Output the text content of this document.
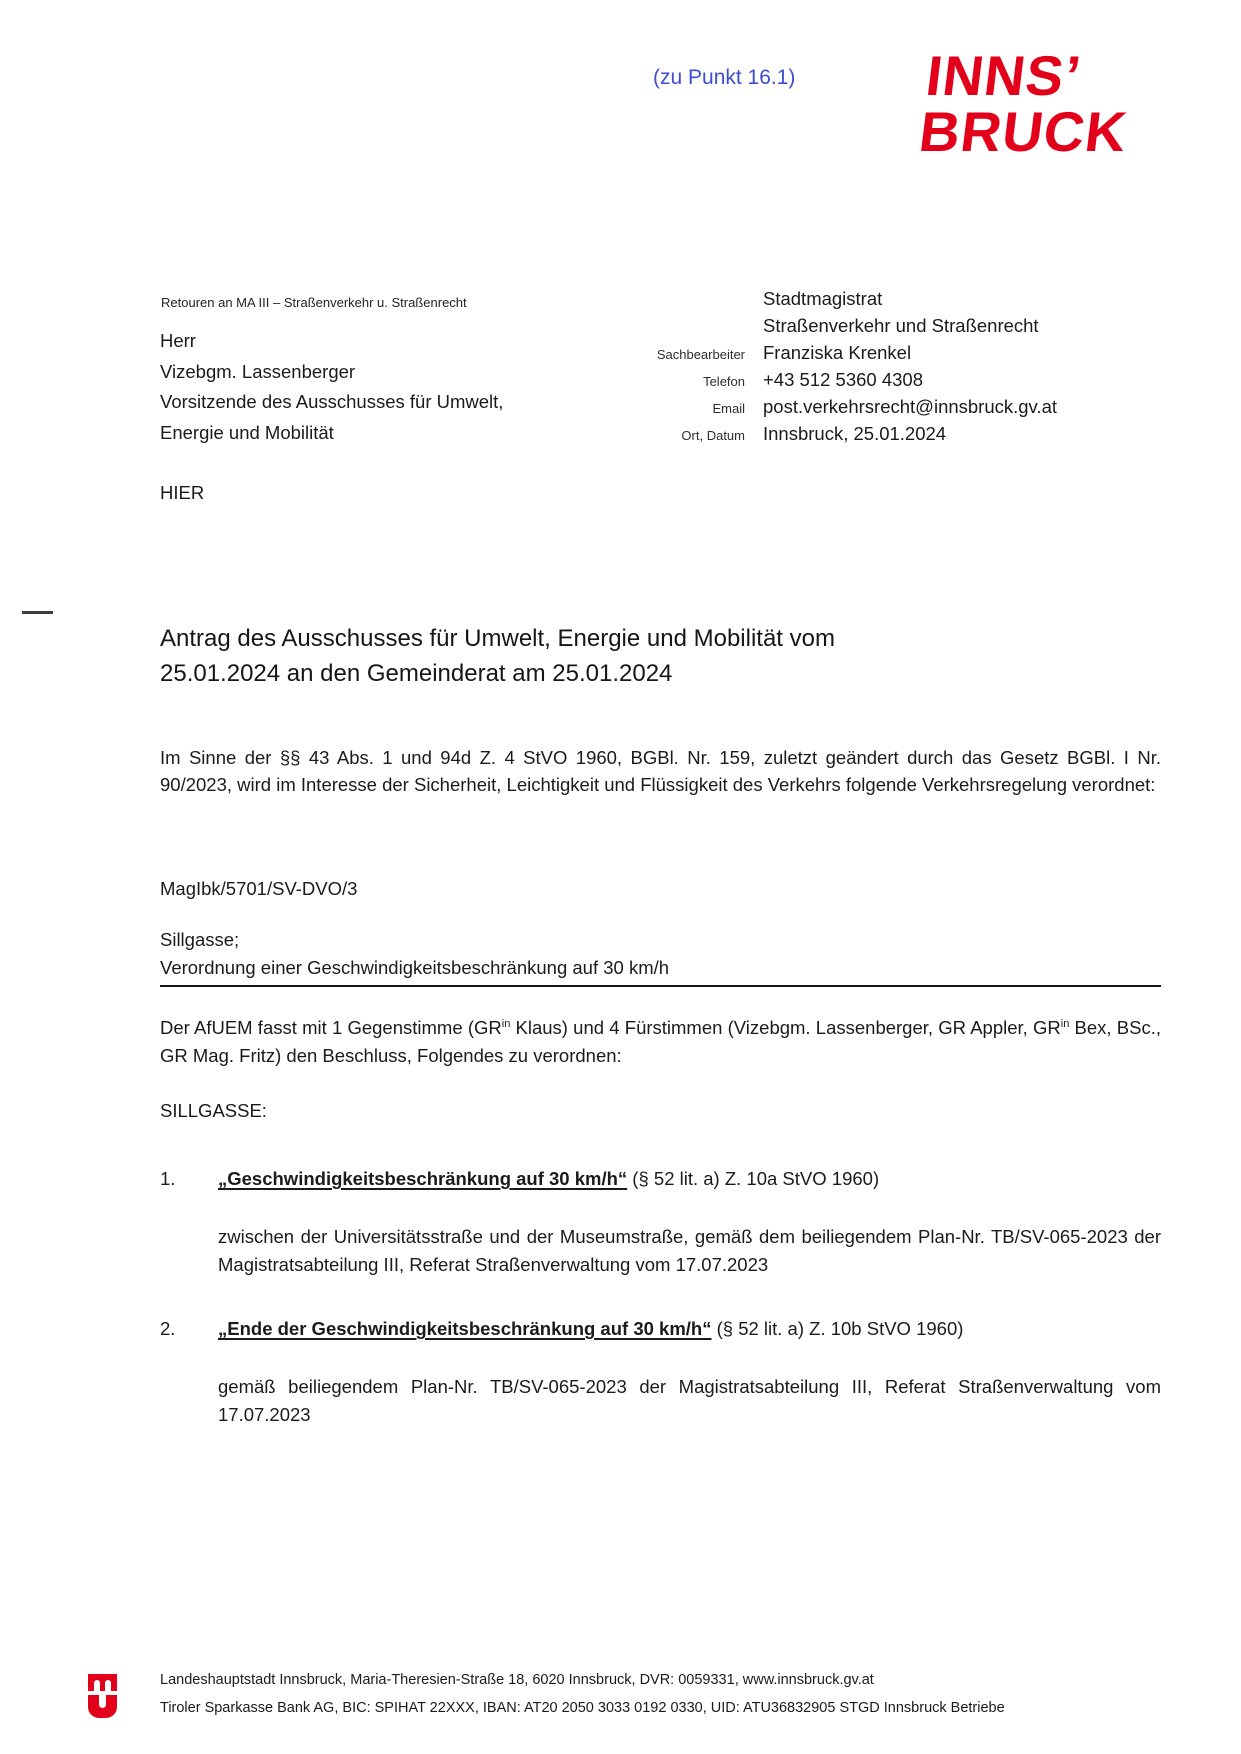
(zu Punkt 16.1) INNS’
BRUCK
Retouren an MA III – Straßenverkehr u. Straßenrecht
Herr
Vizebgm. Lassenberger
Vorsitzende des Ausschusses für Umwelt,
Energie und Mobilität
HIER
Stadtmagistrat
Straßenverkehr und Straßenrecht
Sachbearbeiter Franziska Krenkel
Telefon +43 512 5360 4308
Email post.verkehrsrecht@innsbruck.gv.at
Ort, Datum Innsbruck, 25.01.2024
Antrag des Ausschusses für Umwelt, Energie und Mobilität vom
25.01.2024 an den Gemeinderat am 25.01.2024
Im Sinne der §§ 43 Abs. 1 und 94d Z. 4 StVO 1960, BGBl. Nr. 159, zuletzt geändert durch das Gesetz BGBl. I Nr. 90/2023, wird im Interesse der Sicherheit, Leichtigkeit und Flüssigkeit des Verkehrs folgende Verkehrsregelung verordnet:
MagIbk/5701/SV-DVO/3
Sillgasse;
Verordnung einer Geschwindigkeitsbeschränkung auf 30 km/h
Der AfUEM fasst mit 1 Gegenstimme ($GR^{in}$ Klaus) und 4 Fürstimmen (Vizebgm. Lassenberger, GR Appler, $GR^{in}$ Bex, BSc., GR Mag. Fritz) den Beschluss, Folgendes zu verordnen:
SILLGASSE:
1. „Geschwindigkeitsbeschränkung auf 30 km/h“ (§ 52 lit. a) Z. 10a StVO 1960)
zwischen der Universitätsstraße und der Museumstraße, gemäß dem beiliegendem Plan-Nr. TB/SV-065-2023 der Magistratsabteilung III, Referat Straßenverwaltung vom 17.07.2023
2. „Ende der Geschwindigkeitsbeschränkung auf 30 km/h“ (§ 52 lit. a) Z. 10b StVO 1960)
gemäß beiliegendem Plan-Nr. TB/SV-065-2023 der Magistratsabteilung III, Referat Straßenverwaltung vom 17.07.2023
Landeshauptstadt Innsbruck, Maria-Theresien-Straße 18, 6020 Innsbruck, DVR: 0059331, www.innsbruck.gv.at
Tiroler Sparkasse Bank AG, BIC: SPIHAT 22XXX, IBAN: AT20 2050 3033 0192 0330, UID: ATU36832905 STGD Innsbruck Betriebe
